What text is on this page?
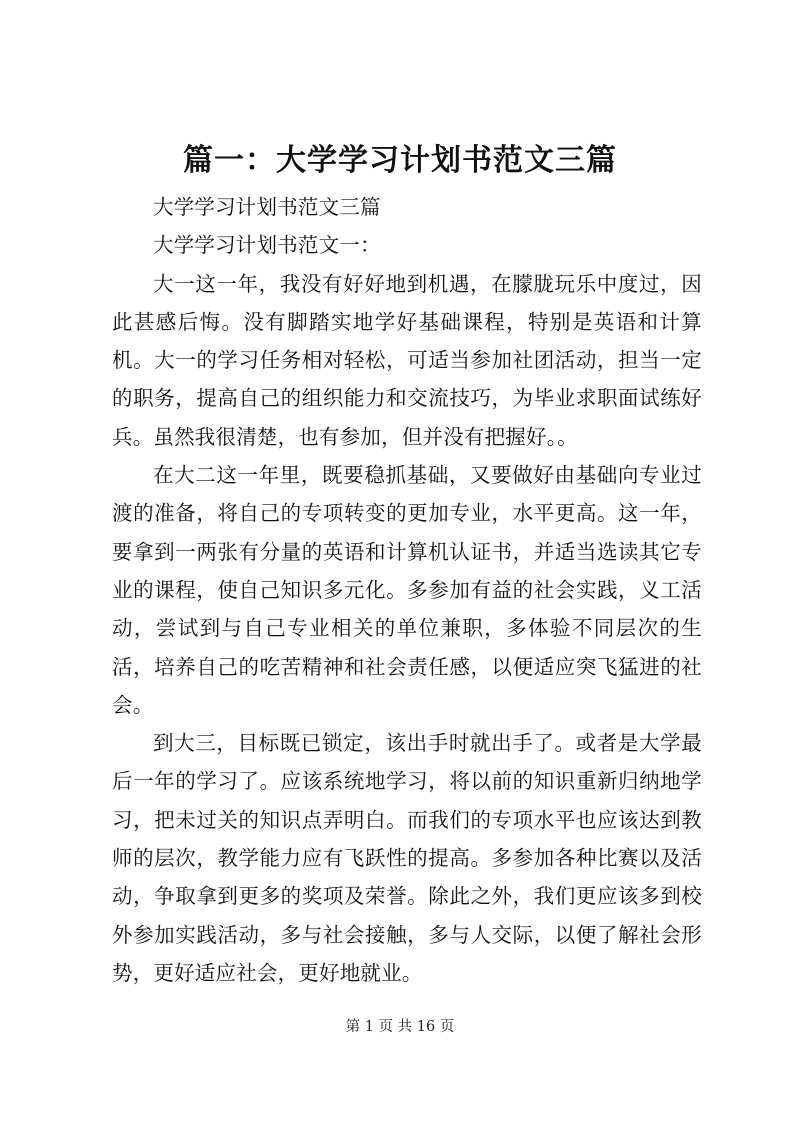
篇一：大学学习计划书范文三篇

大学学习计划书范文三篇

大学学习计划书范文一：

大一这一年，我没有好好地到机遇，在朦胧玩乐中度过，因此甚感后悔。没有脚踏实地学好基础课程，特别是英语和计算机。大一的学习任务相对轻松，可适当参加社团活动，担当一定的职务，提高自己的组织能力和交流技巧，为毕业求职面试练好兵。虽然我很清楚，也有参加，但并没有把握好。。

在大二这一年里，既要稳抓基础，又要做好由基础向专业过渡的准备，将自己的专项转变的更加专业，水平更高。这一年，要拿到一两张有分量的英语和计算机认证书，并适当选读其它专业的课程，使自己知识多元化。多参加有益的社会实践，义工活动，尝试到与自己专业相关的单位兼职，多体验不同层次的生活，培养自己的吃苦精神和社会责任感，以便适应突飞猛进的社会。

到大三，目标既已锁定，该出手时就出手了。或者是大学最后一年的学习了。应该系统地学习，将以前的知识重新归纳地学习，把未过关的知识点弄明白。而我们的专项水平也应该达到教师的层次，教学能力应有飞跃性的提高。多参加各种比赛以及活动，争取拿到更多的奖项及荣誉。除此之外，我们更应该多到校外参加实践活动，多与社会接触，多与人交际，以便了解社会形势，更好适应社会，更好地就业。

第 1 页 共 16 页
